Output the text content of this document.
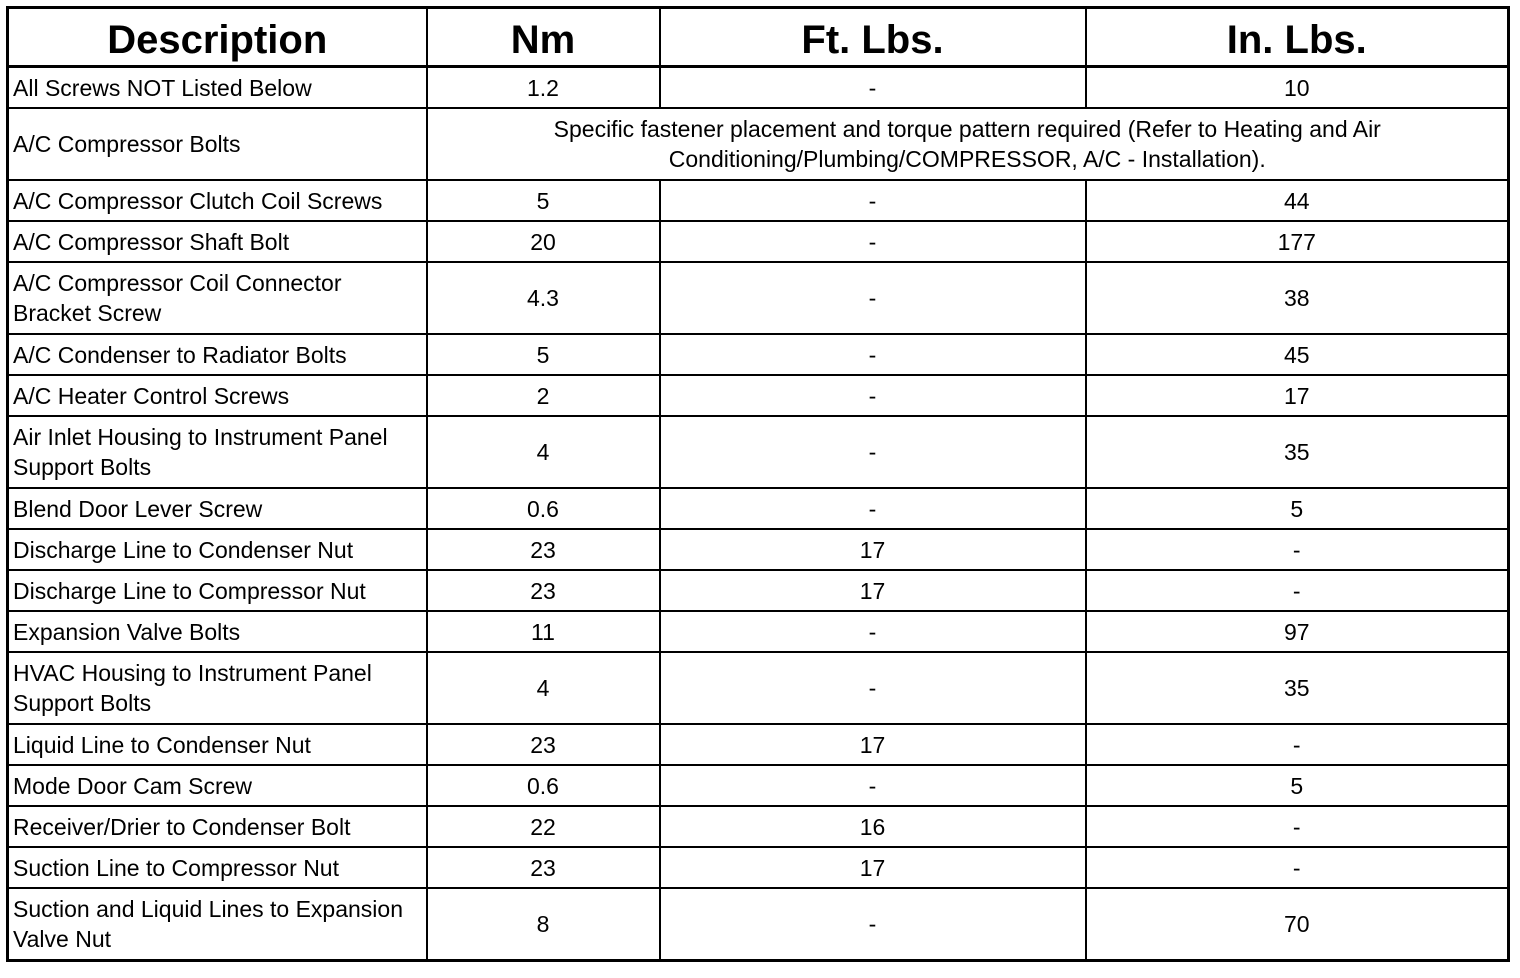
Description	Nm	Ft. Lbs.	In. Lbs.
All Screws NOT Listed Below	1.2	-	10
A/C Compressor Bolts	Specific fastener placement and torque pattern required (Refer to Heating and Air Conditioning/Plumbing/COMPRESSOR, A/C - Installation).		
A/C Compressor Clutch Coil Screws	5	-	44
A/C Compressor Shaft Bolt	20	-	177
A/C Compressor Coil Connector Bracket Screw	4.3	-	38
A/C Condenser to Radiator Bolts	5	-	45
A/C Heater Control Screws	2	-	17
Air Inlet Housing to Instrument Panel Support Bolts	4	-	35
Blend Door Lever Screw	0.6	-	5
Discharge Line to Condenser Nut	23	17	-
Discharge Line to Compressor Nut	23	17	-
Expansion Valve Bolts	11	-	97
HVAC Housing to Instrument Panel Support Bolts	4	-	35
Liquid Line to Condenser Nut	23	17	-
Mode Door Cam Screw	0.6	-	5
Receiver/Drier to Condenser Bolt	22	16	-
Suction Line to Compressor Nut	23	17	-
Suction and Liquid Lines to Expansion Valve Nut	8	-	70
